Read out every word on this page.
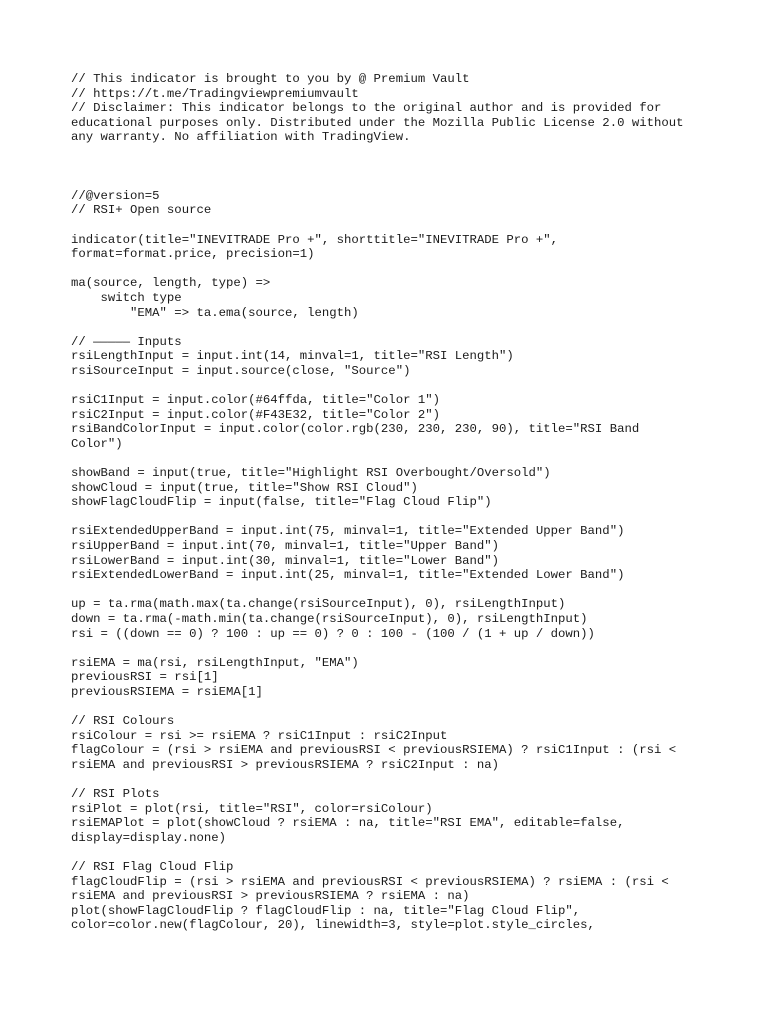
// This indicator is brought to you by @ Premium Vault
// https://t.me/Tradingviewpremiumvault
// Disclaimer: This indicator belongs to the original author and is provided for
educational purposes only. Distributed under the Mozilla Public License 2.0 without
any warranty. No affiliation with TradingView.
//@version=5
// RSI+ Open source
indicator(title="INEVITRADE Pro +", shorttitle="INEVITRADE Pro +",
format=format.price, precision=1)
ma(source, length, type) =>
switch type
"EMA" => ta.ema(source, length)
// ————— Inputs
rsiLengthInput = input.int(14, minval=1, title="RSI Length")
rsiSourceInput = input.source(close, "Source")
rsiC1Input = input.color(#64ffda, title="Color 1")
rsiC2Input = input.color(#F43E32, title="Color 2")
rsiBandColorInput = input.color(color.rgb(230, 230, 230, 90), title="RSI Band
Color")
showBand = input(true, title="Highlight RSI Overbought/Oversold")
showCloud = input(true, title="Show RSI Cloud")
showFlagCloudFlip = input(false, title="Flag Cloud Flip")
rsiExtendedUpperBand = input.int(75, minval=1, title="Extended Upper Band")
rsiUpperBand = input.int(70, minval=1, title="Upper Band")
rsiLowerBand = input.int(30, minval=1, title="Lower Band")
rsiExtendedLowerBand = input.int(25, minval=1, title="Extended Lower Band")
up = ta.rma(math.max(ta.change(rsiSourceInput), 0), rsiLengthInput)
down = ta.rma(-math.min(ta.change(rsiSourceInput), 0), rsiLengthInput)
rsi = ((down == 0) ? 100 : up == 0) ? 0 : 100 - (100 / (1 + up / down))
rsiEMA = ma(rsi, rsiLengthInput, "EMA")
previousRSI = rsi[1]
previousRSIEMA = rsiEMA[1]
// RSI Colours
rsiColour = rsi >= rsiEMA ? rsiC1Input : rsiC2Input
flagColour = (rsi > rsiEMA and previousRSI < previousRSIEMA) ? rsiC1Input : (rsi <
rsiEMA and previousRSI > previousRSIEMA ? rsiC2Input : na)
// RSI Plots
rsiPlot = plot(rsi, title="RSI", color=rsiColour)
rsiEMAPlot = plot(showCloud ? rsiEMA : na, title="RSI EMA", editable=false,
display=display.none)
// RSI Flag Cloud Flip
flagCloudFlip = (rsi > rsiEMA and previousRSI < previousRSIEMA) ? rsiEMA : (rsi <
rsiEMA and previousRSI > previousRSIEMA ? rsiEMA : na)
plot(showFlagCloudFlip ? flagCloudFlip : na, title="Flag Cloud Flip",
color=color.new(flagColour, 20), linewidth=3, style=plot.style_circles,
